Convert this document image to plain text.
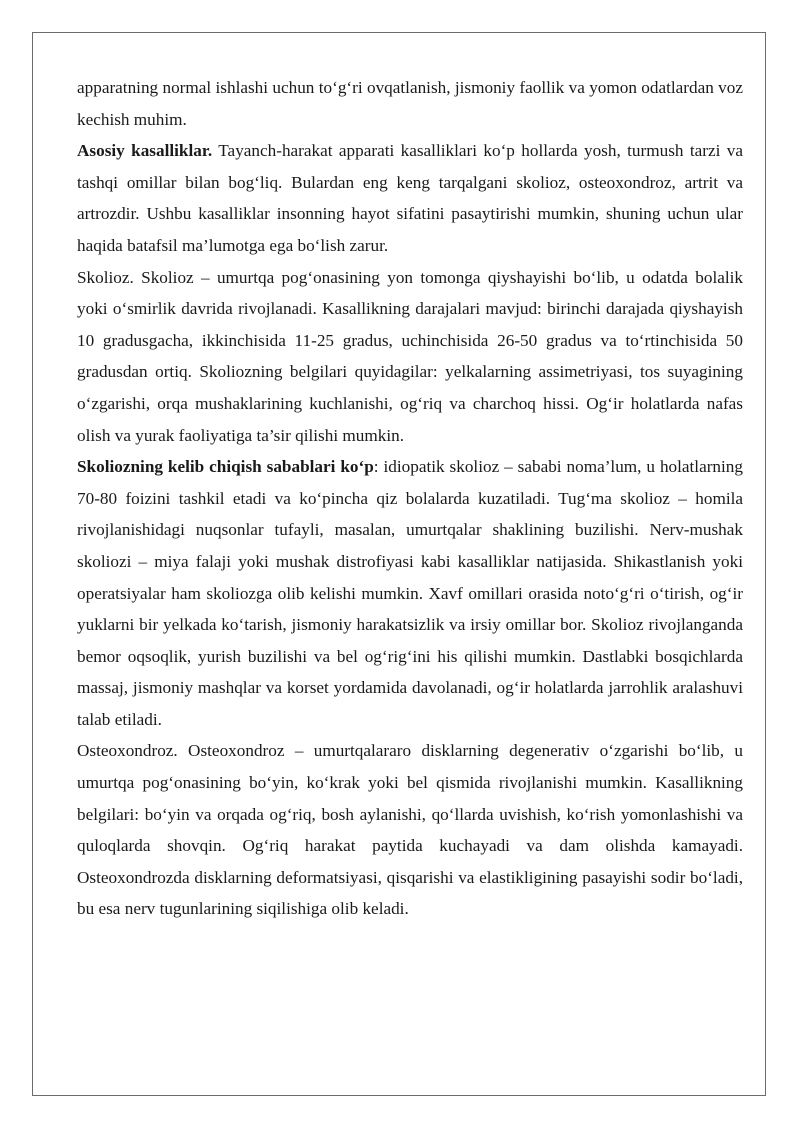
apparatning normal ishlashi uchun to‘g‘ri ovqatlanish, jismoniy faollik va yomon odatlardan voz kechish muhim.

Asosiy kasalliklar. Tayanch-harakat apparati kasalliklari ko‘p hollarda yosh, turmush tarzi va tashqi omillar bilan bog‘liq. Bulardan eng keng tarqalgani skolioz, osteoxondroz, artrit va artrozdir. Ushbu kasalliklar insonning hayot sifatini pasaytirishi mumkin, shuning uchun ular haqida batafsil ma’lumotga ega bo‘lish zarur.

Skolioz. Skolioz – umurtqa pog‘onasining yon tomonga qiyshayishi bo‘lib, u odatda bolalik yoki o‘smirlik davrida rivojlanadi. Kasallikning darajalari mavjud: birinchi darajada qiyshayish 10 gradusgacha, ikkinchisida 11-25 gradus, uchinchisida 26-50 gradus va to‘rtinchisida 50 gradusdan ortiq. Skoliozning belgilari quyidagilar: yelkalarning assimetriyasi, tos suyagining o‘zgarishi, orqa mushaklarining kuchlanishi, og‘riq va charchoq hissi. Og‘ir holatlarda nafas olish va yurak faoliyatiga ta’sir qilishi mumkin.

Skoliozning kelib chiqish sabablari ko‘p: idiopatik skolioz – sababi noma’lum, u holatlarning 70-80 foizini tashkil etadi va ko‘pincha qiz bolalarda kuzatiladi. Tug‘ma skolioz – homila rivojlanishidagi nuqsonlar tufayli, masalan, umurtqalar shaklining buzilishi. Nerv-mushak skoliozi – miya falaji yoki mushak distrofiyasi kabi kasalliklar natijasida. Shikastlanish yoki operatsiyalar ham skoliozga olib kelishi mumkin. Xavf omillari orasida noto‘g‘ri o‘tirish, og‘ir yuklarni bir yelkada ko‘tarish, jismoniy harakatsizlik va irsiy omillar bor. Skolioz rivojlanganda bemor oqsoqlik, yurish buzilishi va bel og‘rig‘ini his qilishi mumkin. Dastlabki bosqichlarda massaj, jismoniy mashqlar va korset yordamida davolanadi, og‘ir holatlarda jarrohlik aralashuvi talab etiladi.

Osteoxondroz. Osteoxondroz – umurtqalararo disklarning degenerativ o‘zgarishi bo‘lib, u umurtqa pog‘onasining bo‘yin, ko‘krak yoki bel qismida rivojlanishi mumkin. Kasallikning belgilari: bo‘yin va orqada og‘riq, bosh aylanishi, qo‘llarda uvishish, ko‘rish yomonlashishi va quloqlarda shovqin. Og‘riq harakat paytida kuchayadi va dam olishda kamayadi. Osteoxondrozda disklarning deformatsiyasi, qisqarishi va elastikligining pasayishi sodir bo‘ladi, bu esa nerv tugunlarining siqilishiga olib keladi.
